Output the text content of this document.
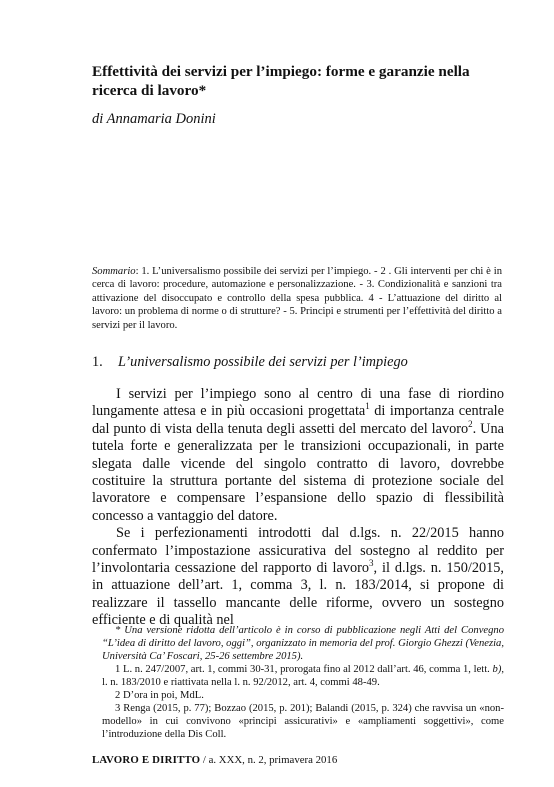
Effettività dei servizi per l’impiego: forme e garanzie nella ricerca di lavoro*
di Annamaria Donini
Sommario: 1. L’universalismo possibile dei servizi per l’impiego. - 2 . Gli interventi per chi è in cerca di lavoro: procedure, automazione e personalizzazione. - 3. Condizionalità e sanzioni tra attivazione del disoccupato e controllo della spesa pubblica. 4 - L’attuazione del diritto al lavoro: un problema di norme o di strutture? - 5. Principi e strumenti per l’effettività del diritto a servizi per il lavoro.
1. L’universalismo possibile dei servizi per l’impiego

I servizi per l’impiego sono al centro di una fase di riordino lungamente attesa e in più occasioni progettata$^1$ di importanza centrale dal punto di vista della tenuta degli assetti del mercato del lavoro$^2$. Una tutela forte e generalizzata per le transizioni occupazionali, in parte slegata dalle vicende del singolo contratto di lavoro, dovrebbe costituire la struttura portante del sistema di protezione sociale del lavoratore e compensare l’espansione dello spazio di flessibilità concesso a vantaggio del datore.

Se i perfezionamenti introdotti dal d.lgs. n. 22/2015 hanno confermato l’impostazione assicurativa del sostegno al reddito per l’involontaria cessazione del rapporto di lavoro$^3$, il d.lgs. n. 150/2015, in attuazione dell’art. 1, comma 3, l. n. 183/2014, si propone di realizzare il tassello mancante delle riforme, ovvero un sostegno efficiente e di qualità nel

* Una versione ridotta dell’articolo è in corso di pubblicazione negli Atti del Convegno “L’idea di diritto del lavoro, oggi”, organizzato in memoria del prof. Giorgio Ghezzi (Venezia, Università Ca’ Foscari, 25-26 settembre 2015).

1 L. n. 247/2007, art. 1, commi 30-31, prorogata fino al 2012 dall’art. 46, comma 1, lett. b), l. n. 183/2010 e riattivata nella l. n. 92/2012, art. 4, commi 48-49.

2 D’ora in poi, MdL.

3 Renga (2015, p. 77); Bozzao (2015, p. 201); Balandi (2015, p. 324) che ravvisa un «non-modello» in cui convivono «principi assicurativi» e «ampliamenti soggettivi», come l’introduzione della Dis Coll.

LAVORO E DIRITTO / a. XXX, n. 2, primavera 2016
